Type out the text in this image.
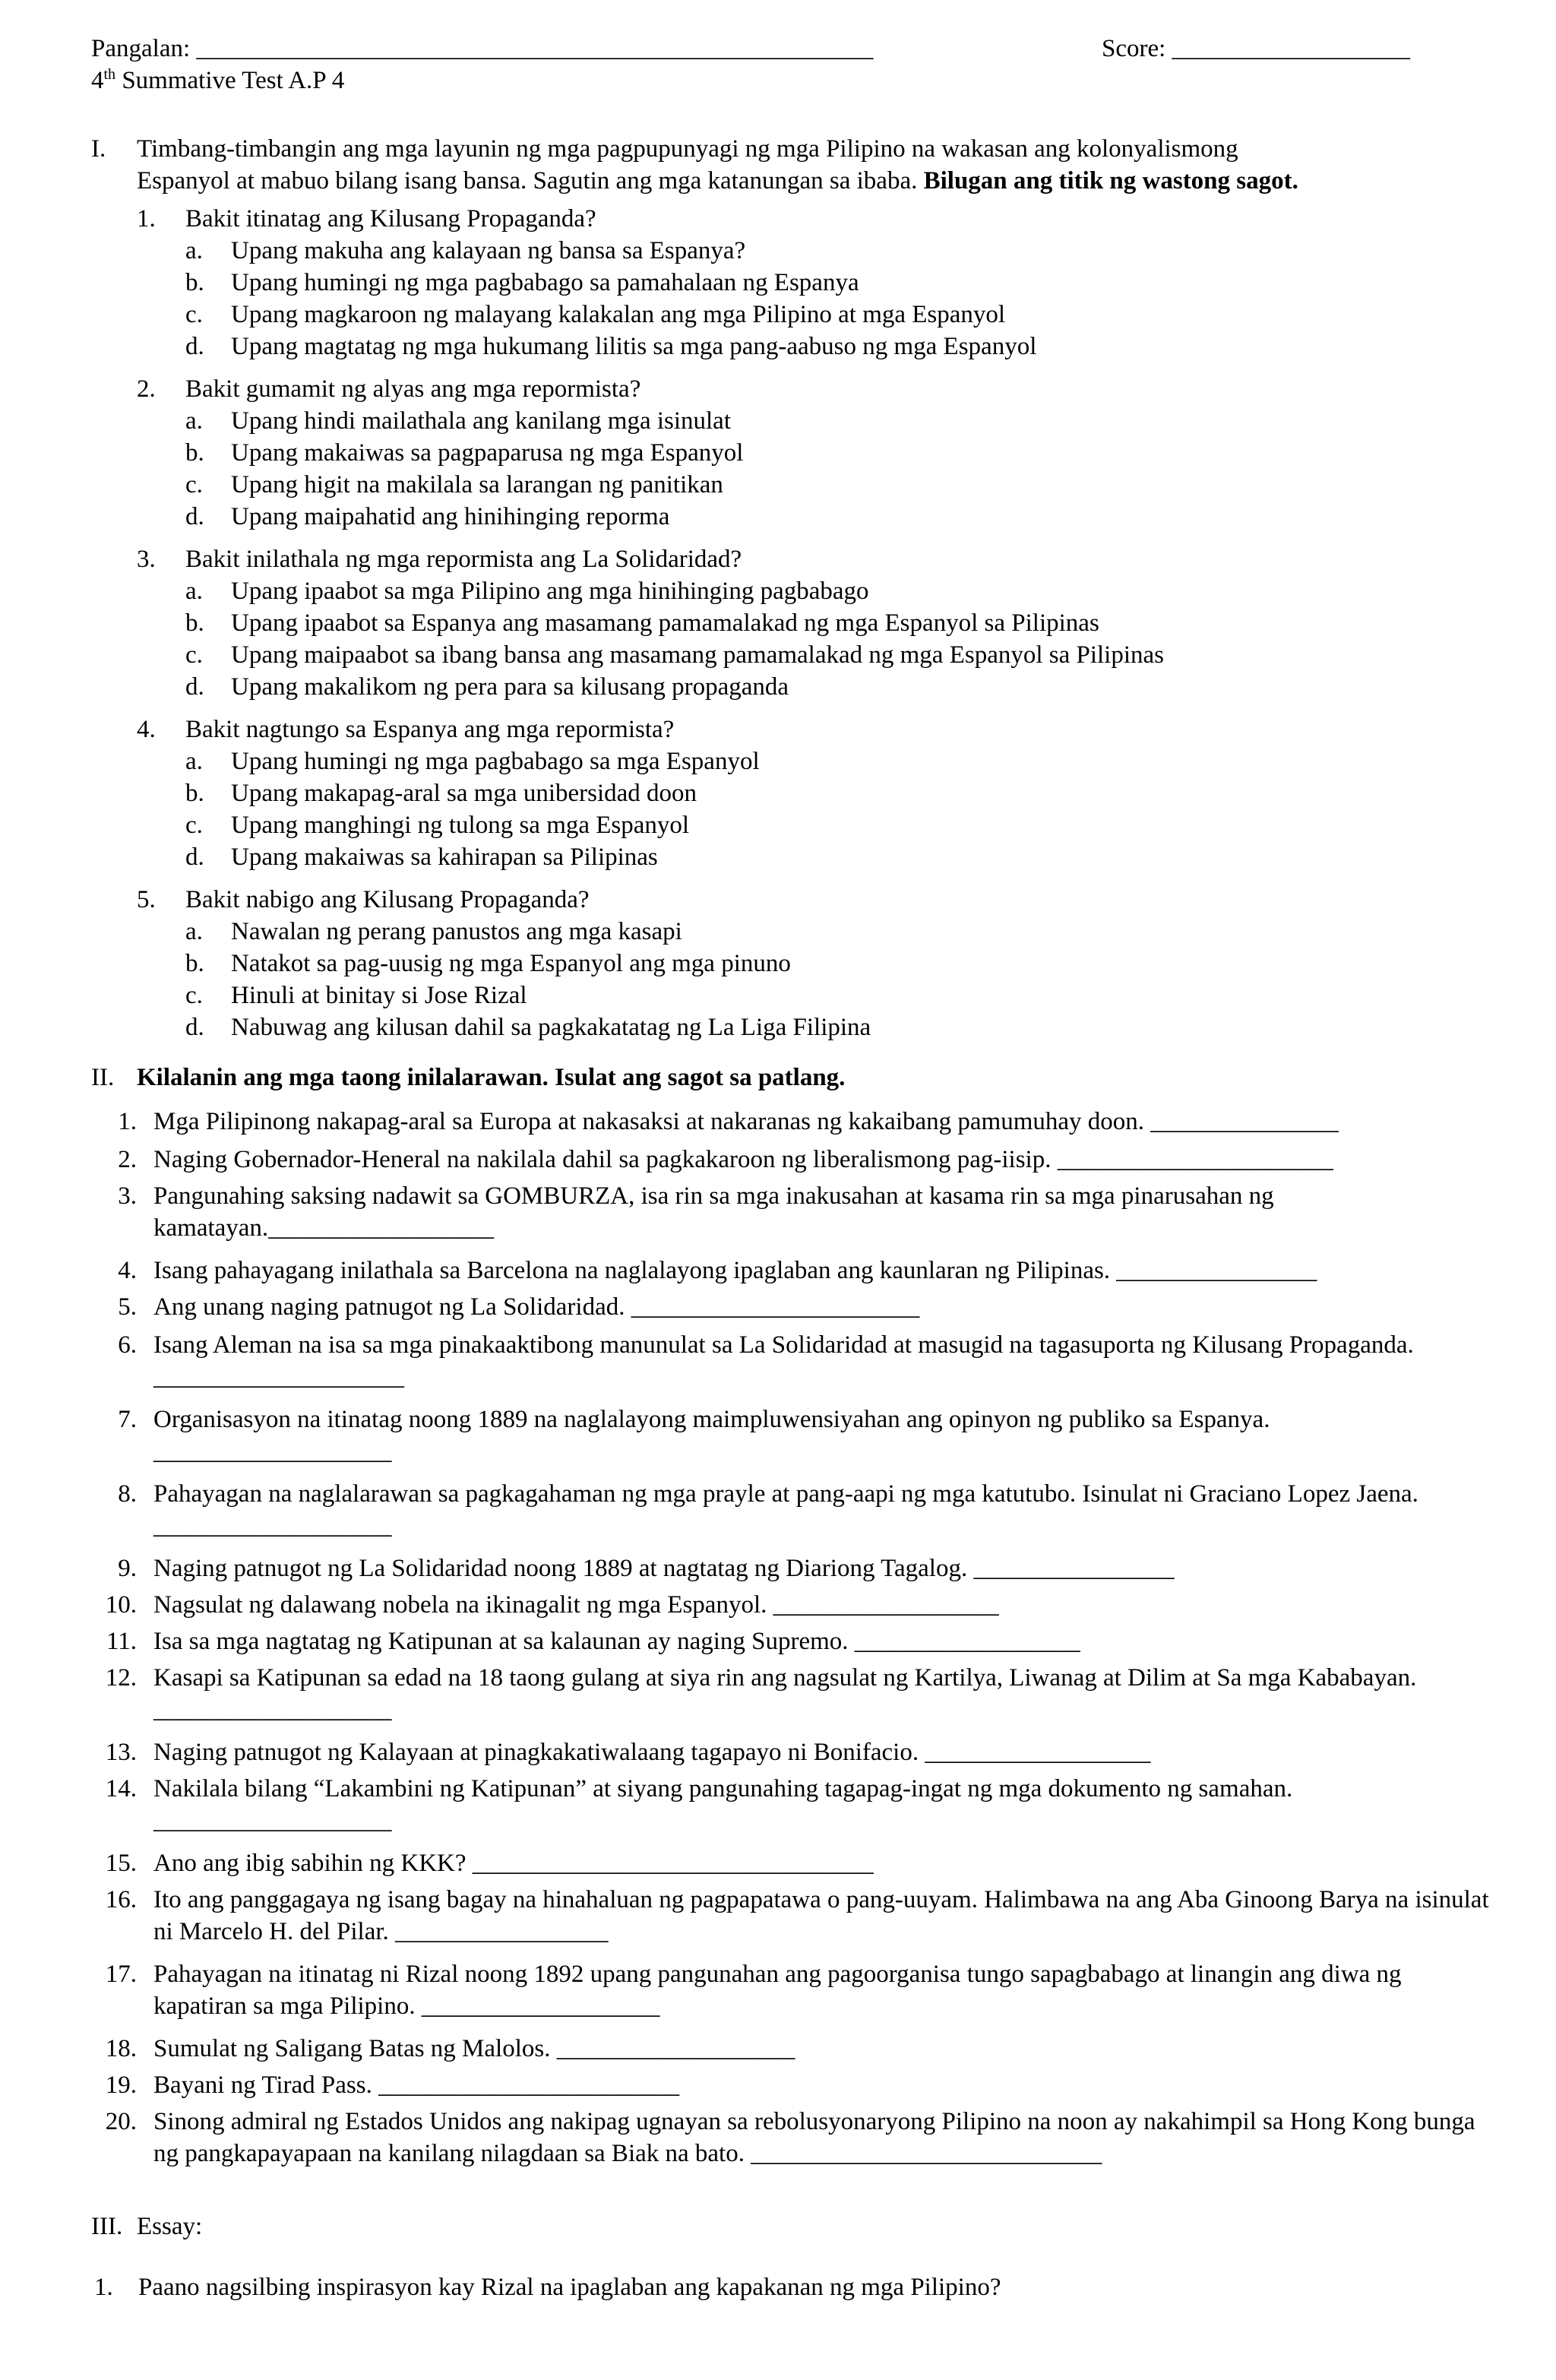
Pangalan: ______________________________________________________	Score: ___________________
4th Summative Test A.P 4
I. Timbang-timbangin ang mga layunin ng mga pagpupunyagi ng mga Pilipino na wakasan ang kolonyalismong
Espanyol at mabuo bilang isang bansa. Sagutin ang mga katanungan sa ibaba. Bilugan ang titik ng wastong sagot.
1.	Bakit itinatag ang Kilusang Propaganda?
a. Upang makuha ang kalayaan ng bansa sa Espanya?
b. Upang humingi ng mga pagbabago sa pamahalaan ng Espanya
c. Upang magkaroon ng malayang kalakalan ang mga Pilipino at mga Espanyol
d. Upang magtatag ng mga hukumang lilitis sa mga pang-aabuso ng mga Espanyol
2.	Bakit gumamit ng alyas ang mga repormista?
a. Upang hindi mailathala ang kanilang mga isinulat
b. Upang makaiwas sa pagpaparusa ng mga Espanyol
c. Upang higit na makilala sa larangan ng panitikan
d. Upang maipahatid ang hinihinging reporma
3.	Bakit inilathala ng mga repormista ang La Solidaridad?
a. Upang ipaabot sa mga Pilipino ang mga hinihinging pagbabago
b. Upang ipaabot sa Espanya ang masamang pamamalakad ng mga Espanyol sa Pilipinas
c. Upang maipaabot sa ibang bansa ang masamang pamamalakad ng mga Espanyol sa Pilipinas
d. Upang makalikom ng pera para sa kilusang propaganda
4.	Bakit nagtungo sa Espanya ang mga repormista?
a. Upang humingi ng mga pagbabago sa mga Espanyol
b. Upang makapag-aral sa mga unibersidad doon
c. Upang manghingi ng tulong sa mga Espanyol
d. Upang makaiwas sa kahirapan sa Pilipinas
5.	Bakit nabigo ang Kilusang Propaganda?
a. Nawalan ng perang panustos ang mga kasapi
b. Natakot sa pag-uusig ng mga Espanyol ang mga pinuno
c. Hinuli at binitay si Jose Rizal
d. Nabuwag ang kilusan dahil sa pagkakatatag ng La Liga Filipina
II. Kilalanin ang mga taong inilalarawan. Isulat ang sagot sa patlang.
1. Mga Pilipinong nakapag-aral sa Europa at nakasaksi at nakaranas ng kakaibang pamumuhay doon. _______________
2. Naging Gobernador-Heneral na nakilala dahil sa pagkakaroon ng liberalismong pag-iisip. ______________________
3. Pangunahing saksing nadawit sa GOMBURZA, isa rin sa mga inakusahan at kasama rin sa mga pinarusahan ng kamatayan.__________________
4. Isang pahayagang inilathala sa Barcelona na naglalayong ipaglaban ang kaunlaran ng Pilipinas. ________________
5. Ang unang naging patnugot ng La Solidaridad. _______________________
6. Isang Aleman na isa sa mga pinakaaktibong manunulat sa La Solidaridad at masugid na tagasuporta ng Kilusang Propaganda. ____________________
7. Organisasyon na itinatag noong 1889 na naglalayong maimpluwensiyahan ang opinyon ng publiko sa Espanya. ___________________
8. Pahayagan na naglalarawan sa pagkagahaman ng mga prayle at pang-aapi ng mga katutubo. Isinulat ni Graciano Lopez Jaena. ___________________
9. Naging patnugot ng La Solidaridad noong 1889 at nagtatag ng Diariong Tagalog. ________________
10. Nagsulat ng dalawang nobela na ikinagalit ng mga Espanyol. __________________
11. Isa sa mga nagtatag ng Katipunan at sa kalaunan ay naging Supremo. __________________
12. Kasapi sa Katipunan sa edad na 18 taong gulang at siya rin ang nagsulat ng Kartilya, Liwanag at Dilim at Sa mga Kababayan. ___________________
13. Naging patnugot ng Kalayaan at pinagkakatiwalaang tagapayo ni Bonifacio. __________________
14. Nakilala bilang “Lakambini ng Katipunan” at siyang pangunahing tagapag-ingat ng mga dokumento ng samahan. ___________________
15. Ano ang ibig sabihin ng KKK? ________________________________
16. Ito ang panggagaya ng isang bagay na hinahaluan ng pagpapatawa o pang-uuyam. Halimbawa na ang Aba Ginoong Barya na isinulat ni Marcelo H. del Pilar. _________________
17. Pahayagan na itinatag ni Rizal noong 1892 upang pangunahan ang pagoorganisa tungo sapagbabago at linangin ang diwa ng kapatiran sa mga Pilipino. ___________________
18. Sumulat ng Saligang Batas ng Malolos. ___________________
19. Bayani ng Tirad Pass. ________________________
20. Sinong admiral ng Estados Unidos ang nakipag ugnayan sa rebolusyonaryong Pilipino na noon ay nakahimpil sa Hong Kong bunga ng pangkapayapaan na kanilang nilagdaan sa Biak na bato. ____________________________
III. Essay:
1.	Paano nagsilbing inspirasyon kay Rizal na ipaglaban ang kapakanan ng mga Pilipino?
